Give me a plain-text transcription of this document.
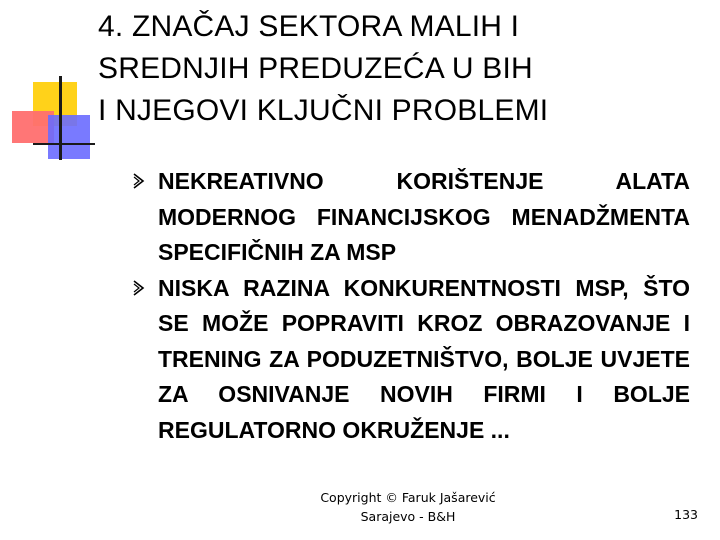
4. ZNAČAJ SEKTORA MALIH I
SREDNJIH PREDUZEĆA U BIH
I NJEGOVI KLJUČNI PROBLEMI
NEKREATIVNO KORIŠTENJE ALATA MODERNOG FINANCIJSKOG MENADŽMENTA SPECIFIČNIH ZA MSP
NISKA RAZINA KONKURENTNOSTI MSP, ŠTO SE MOŽE POPRAVITI KROZ OBRAZOVANJE I TRENING ZA PODUZETNIŠTVO, BOLJE UVJETE ZA OSNIVANJE NOVIH FIRMI I BOLJE REGULATORNO OKRUŽENJE ...
Copyright © Faruk Jašarević
Sarajevo - B&H	133
